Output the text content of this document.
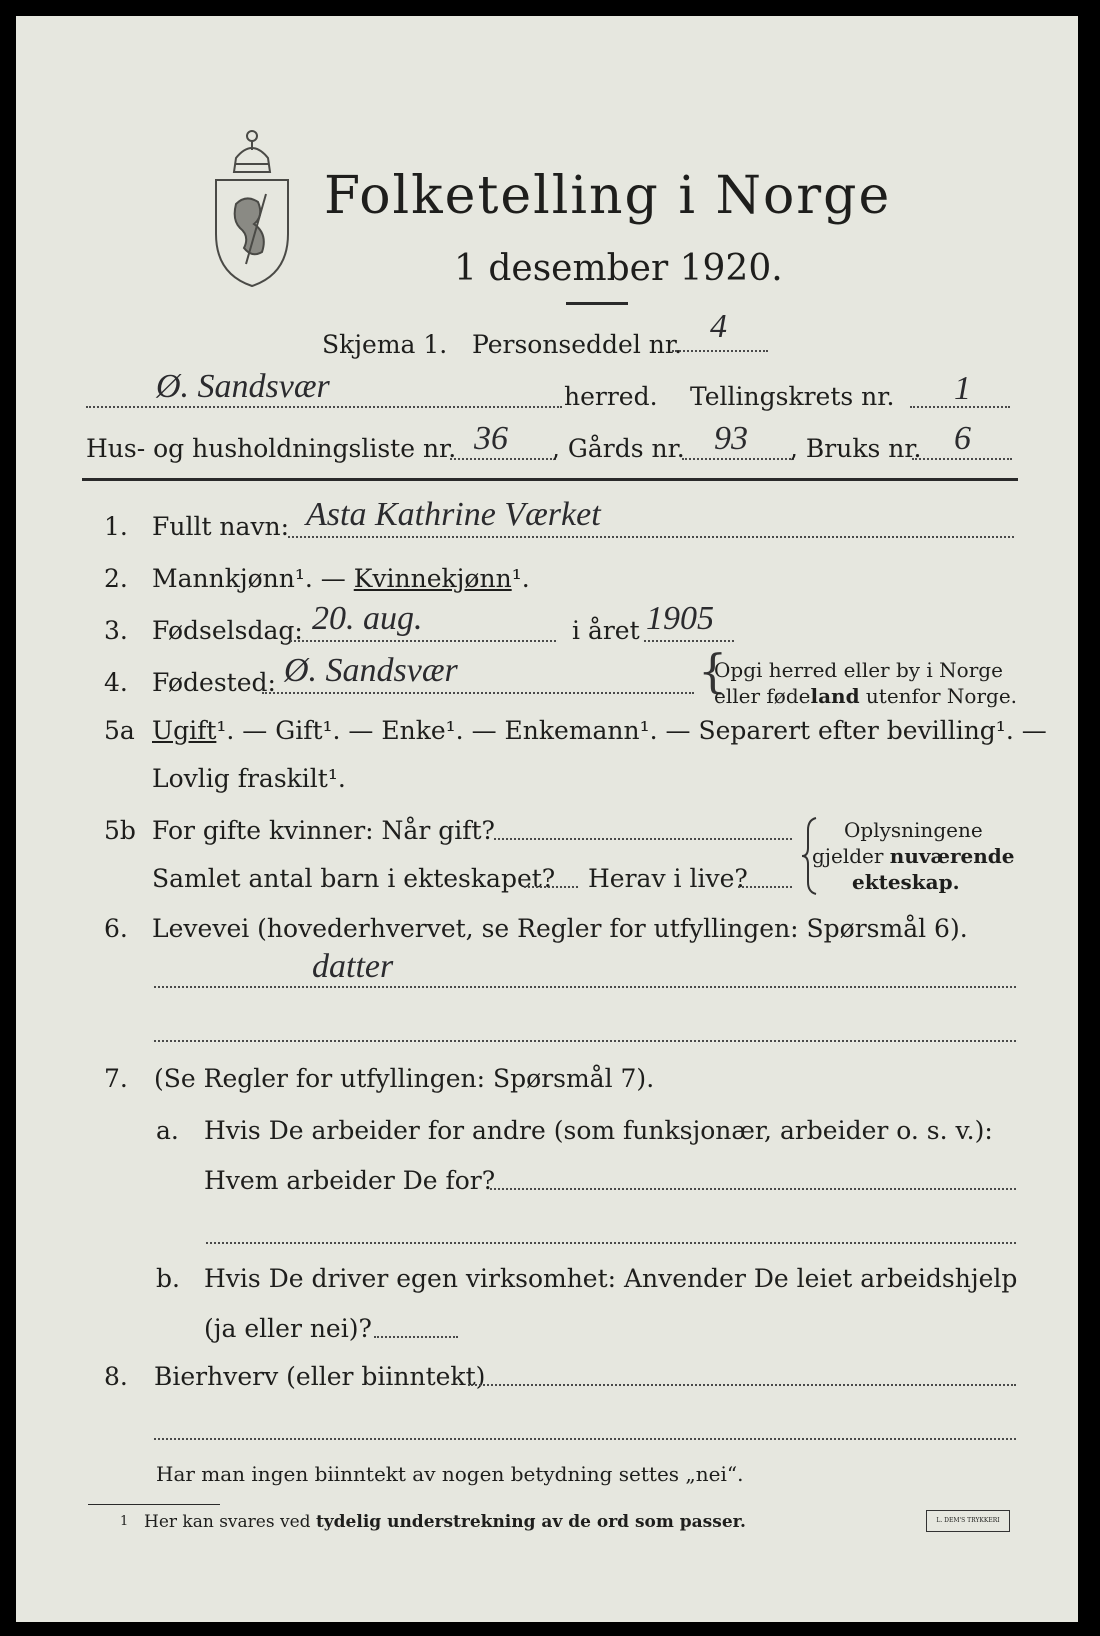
Folketelling i Norge
1 desember 1920.
Skjema 1. Personseddel nr. 4
Ø. Sandsvær	herred. Tellingskrets nr. 1
Hus- og husholdningsliste nr. 36 , Gårds nr. 93 , Bruks nr. 6
1. Fullt navn: Asta Kathrine Værket
2. Mannkjønn¹. — Kvinnekjønn¹.
3. Fødselsdag: 20. aug.	i året 1905
4. Fødested: Ø. Sandsvær	{
Opgi herred eller by i Norge
eller fødeland utenfor Norge.
5a Ugift¹. — Gift¹. — Enke¹. — Enkemann¹. — Separert efter bevilling¹. —
Lovlig fraskilt¹.
5b For gifte kvinner: Når gift?
Samlet antal barn i ekteskapet? Herav i live?
Oplysningene
gjelder nuværende
ekteskap.
6. Levevei (hovederhvervet, se Regler for utfyllingen: Spørsmål 6).
datter
7. (Se Regler for utfyllingen: Spørsmål 7).
a. Hvis De arbeider for andre (som funksjonær, arbeider o. s. v.):
Hvem arbeider De for?
b. Hvis De driver egen virksomhet: Anvender De leiet arbeidshjelp
(ja eller nei)?
8. Bierhverv (eller biinntekt)
Har man ingen biinntekt av nogen betydning settes „nei“.
1 Her kan svares ved tydelig understrekning av de ord som passer.	L. DEM'S TRYKKERI
